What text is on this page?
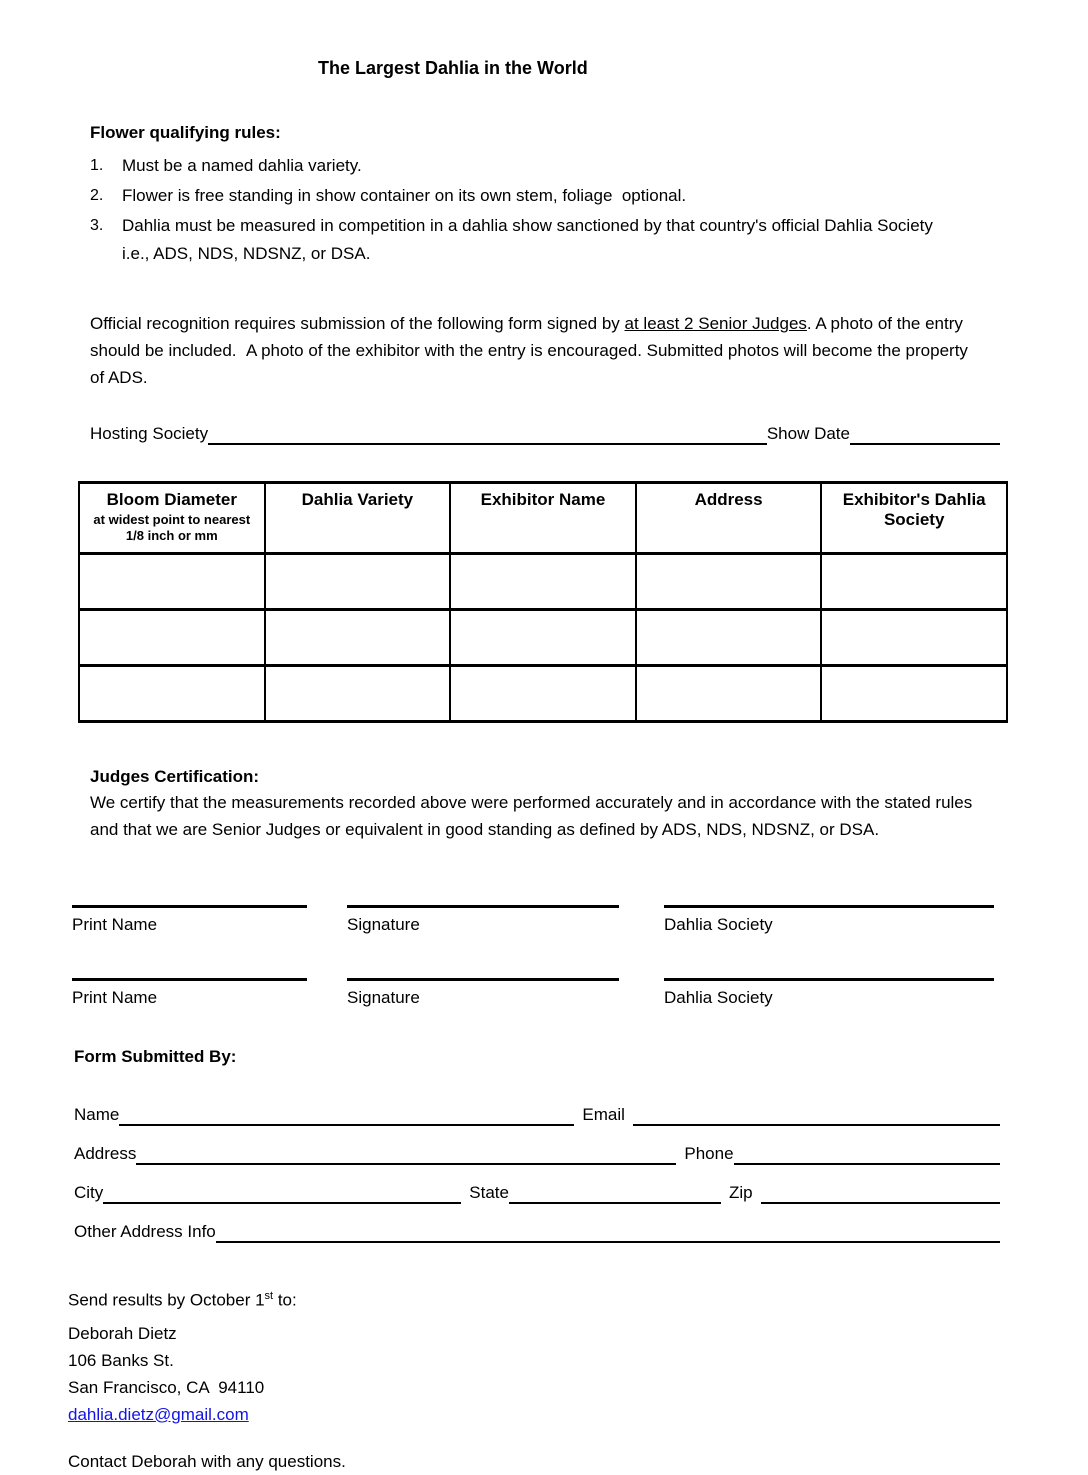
The Largest Dahlia in the World
Flower qualifying rules:
1.	Must be a named dahlia variety.
2.	Flower is free standing in show container on its own stem, foliage  optional.
3.	Dahlia must be measured in competition in a dahlia show sanctioned by that country's official Dahlia Society i.e., ADS, NDS, NDSNZ, or DSA.
Official recognition requires submission of the following form signed by at least 2 Senior Judges. A photo of the entry should be included.  A photo of the exhibitor with the entry is encouraged. Submitted photos will become the property of ADS.
Hosting Society	Show Date
Bloom Diameter
at widest point to nearest 1/8 inch or mm	Dahlia Variety	Exhibitor Name	Address	Exhibitor's Dahlia Society

Judges Certification:
We certify that the measurements recorded above were performed accurately and in accordance with the stated rules and that we are Senior Judges or equivalent in good standing as defined by ADS, NDS, NDSNZ, or DSA.
Print Name	Signature	Dahlia Society
Print Name	Signature	Dahlia Society
Form Submitted By:
Name	Email
Address	Phone
City	State	Zip
Other Address Info
Send results by October 1st to:
Deborah Dietz
106 Banks St.
San Francisco, CA  94110
dahlia.dietz@gmail.com
Contact Deborah with any questions.
